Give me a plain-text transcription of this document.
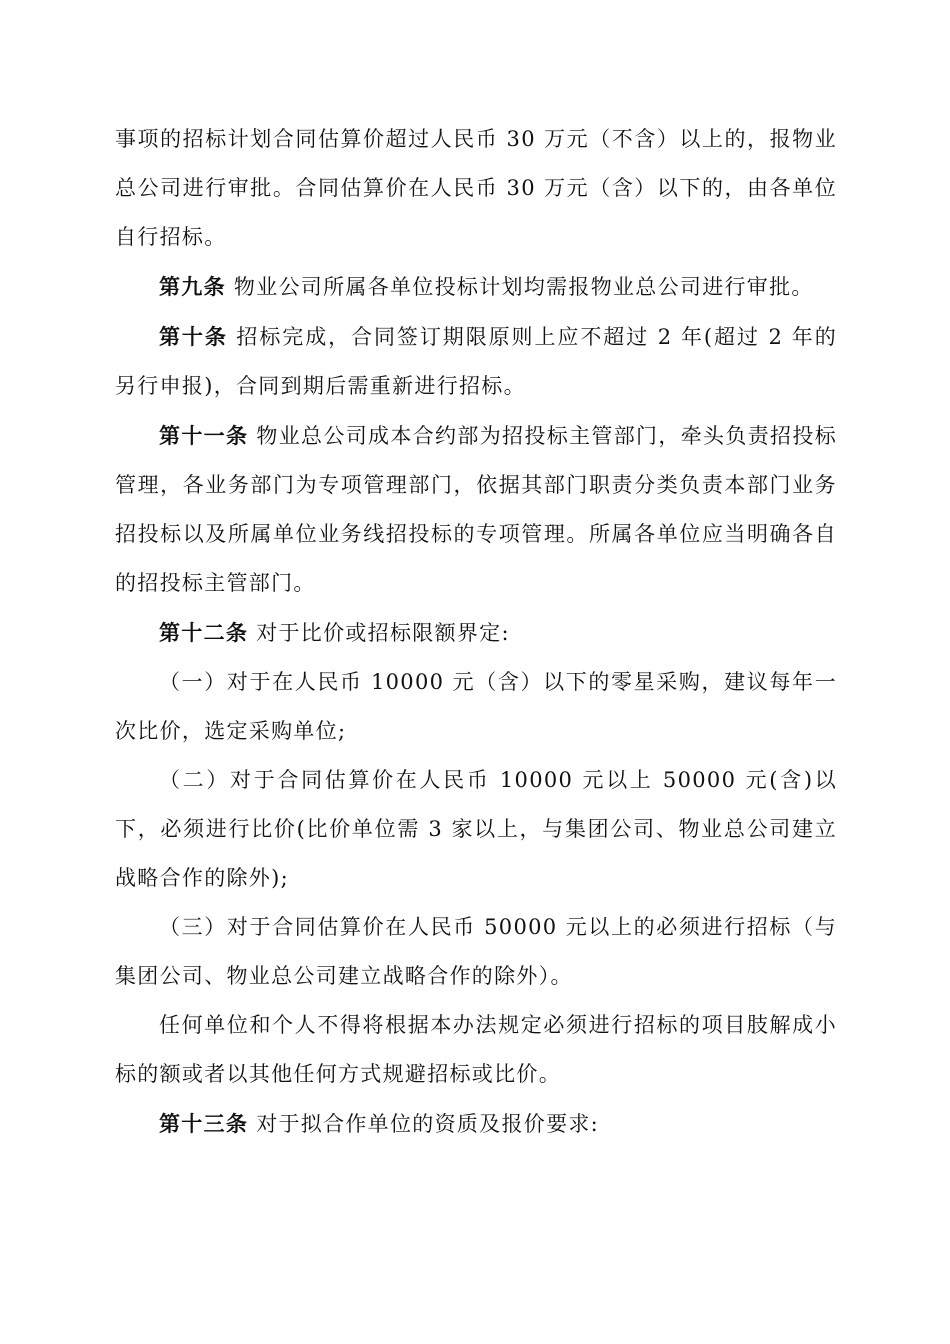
事项的招标计划合同估算价超过人民币 30 万元（不含）以上的，报物业总公司进行审批。合同估算价在人民币 30 万元（含）以下的，由各单位自行招标。

第九条 物业公司所属各单位投标计划均需报物业总公司进行审批。

第十条 招标完成，合同签订期限原则上应不超过 2 年(超过 2 年的另行申报)，合同到期后需重新进行招标。

第十一条 物业总公司成本合约部为招投标主管部门，牵头负责招投标管理，各业务部门为专项管理部门，依据其部门职责分类负责本部门业务招投标以及所属单位业务线招投标的专项管理。所属各单位应当明确各自的招投标主管部门。

第十二条 对于比价或招标限额界定:

（一）对于在人民币 10000 元（含）以下的零星采购，建议每年一次比价，选定采购单位;

（二）对于合同估算价在人民币 10000 元以上 50000 元(含)以下，必须进行比价(比价单位需 3 家以上，与集团公司、物业总公司建立战略合作的除外);

（三）对于合同估算价在人民币 50000 元以上的必须进行招标（与集团公司、物业总公司建立战略合作的除外）。

任何单位和个人不得将根据本办法规定必须进行招标的项目肢解成小标的额或者以其他任何方式规避招标或比价。

第十三条 对于拟合作单位的资质及报价要求:
